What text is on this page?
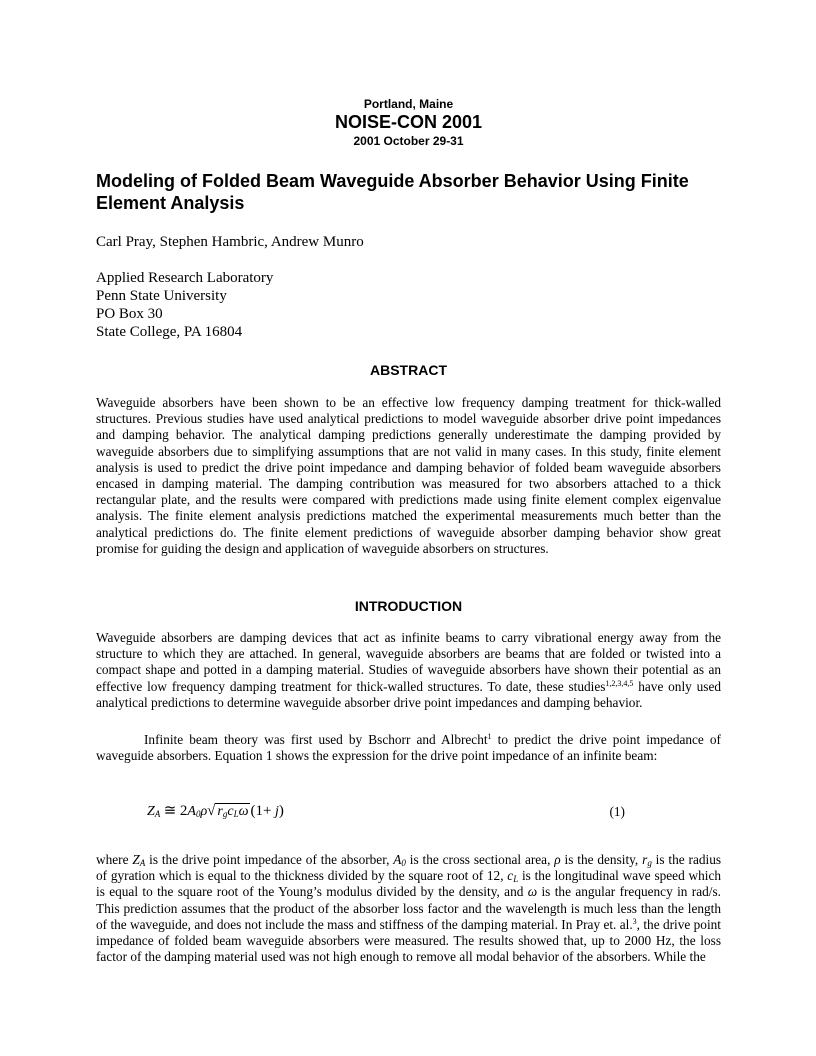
Portland, Maine
NOISE-CON 2001
2001 October 29-31
Modeling of Folded Beam Waveguide Absorber Behavior Using Finite Element Analysis
Carl Pray, Stephen Hambric, Andrew Munro
Applied Research Laboratory
Penn State University
PO Box 30
State College, PA 16804
ABSTRACT
Waveguide absorbers have been shown to be an effective low frequency damping treatment for thick-walled structures. Previous studies have used analytical predictions to model waveguide absorber drive point impedances and damping behavior. The analytical damping predictions generally underestimate the damping provided by waveguide absorbers due to simplifying assumptions that are not valid in many cases. In this study, finite element analysis is used to predict the drive point impedance and damping behavior of folded beam waveguide absorbers encased in damping material. The damping contribution was measured for two absorbers attached to a thick rectangular plate, and the results were compared with predictions made using finite element complex eigenvalue analysis. The finite element analysis predictions matched the experimental measurements much better than the analytical predictions do. The finite element predictions of waveguide absorber damping behavior show great promise for guiding the design and application of waveguide absorbers on structures.
INTRODUCTION
Waveguide absorbers are damping devices that act as infinite beams to carry vibrational energy away from the structure to which they are attached. In general, waveguide absorbers are beams that are folded or twisted into a compact shape and potted in a damping material. Studies of waveguide absorbers have shown their potential as an effective low frequency damping treatment for thick-walled structures. To date, these studies$^{1,2,3,4,5}$ have only used analytical predictions to determine waveguide absorber drive point impedances and damping behavior.
Infinite beam theory was first used by Bschorr and Albrecht$^1$ to predict the drive point impedance of waveguide absorbers. Equation 1 shows the expression for the drive point impedance of an infinite beam:
$Z_A$ ≅ $2A_0\rho√$ $r_gc_L\omega$ (1+ j)	(1)
where $Z_A$ is the drive point impedance of the absorber, $A_0$ is the cross sectional area, ρ is the density, $r_g$ is the radius of gyration which is equal to the thickness divided by the square root of 12, $c_L$ is the longitudinal wave speed which is equal to the square root of the Young’s modulus divided by the density, and ω is the angular frequency in rad/s. This prediction assumes that the product of the absorber loss factor and the wavelength is much less than the length of the waveguide, and does not include the mass and stiffness of the damping material. In Pray et. al.$^3$, the drive point impedance of folded beam waveguide absorbers were measured. The results showed that, up to 2000 Hz, the loss factor of the damping material used was not high enough to remove all modal behavior of the absorbers. While the
